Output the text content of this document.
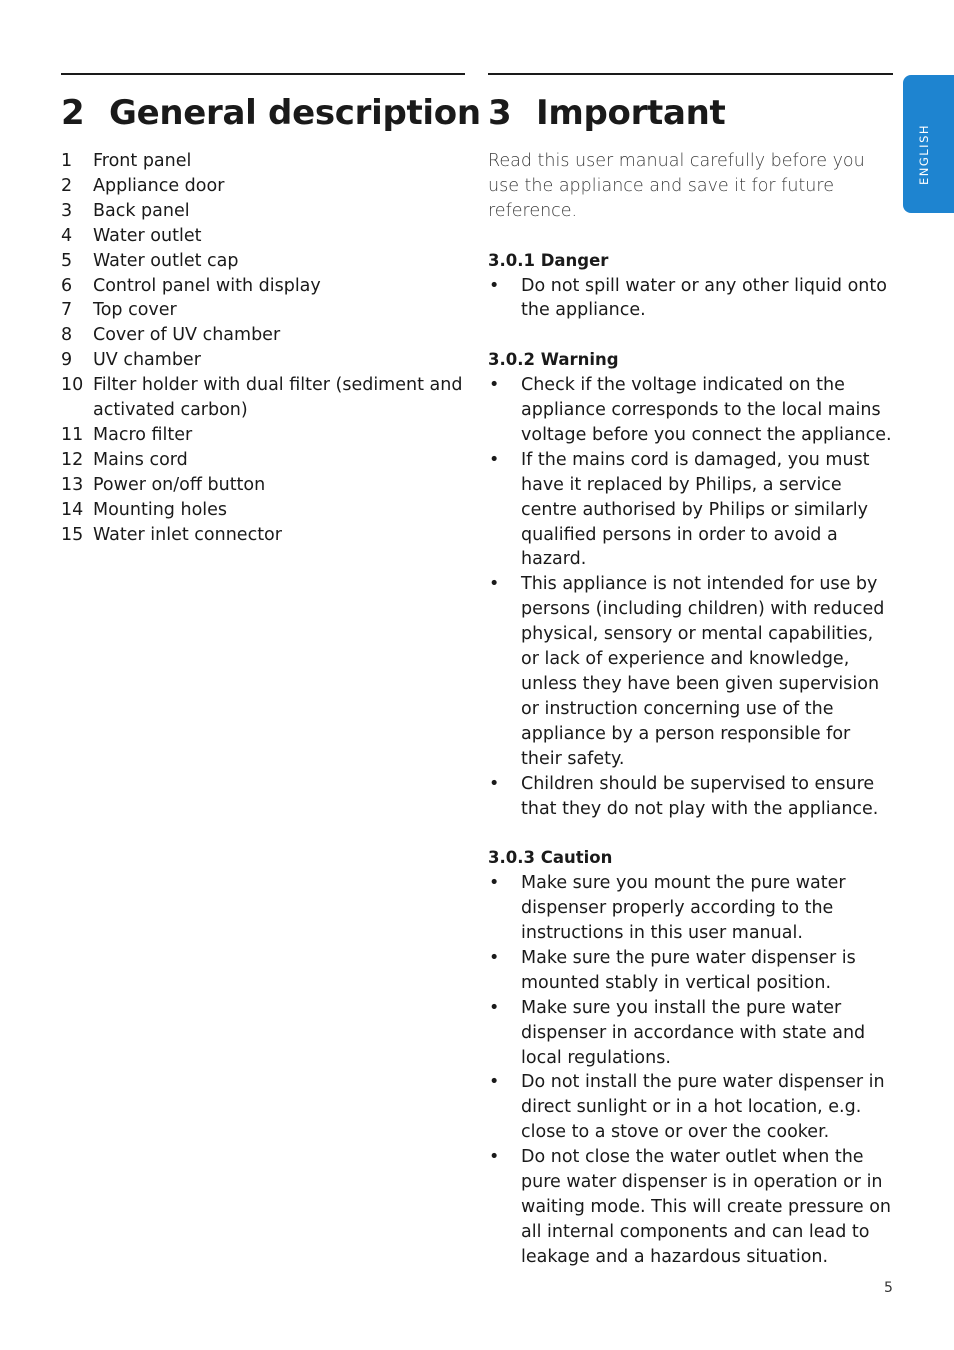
ENGLISH
2 General description
1	Front panel
2	Appliance door
3	Back panel
4	Water outlet
5	Water outlet cap
6	Control panel with display
7	Top cover
8	Cover of UV chamber
9	UV chamber
10 Filter holder with dual filter (sediment and activated carbon)
11 Macro filter
12 Mains cord
13 Power on/off button
14 Mounting holes
15 Water inlet connector
3 Important

Read this user manual carefully before you use the appliance and save it for future reference.

3.0.1 Danger
•	Do not spill water or any other liquid onto the appliance.
3.0.2 Warning
•	Check if the voltage indicated on the appliance corresponds to the local mains voltage before you connect the appliance.
•	If the mains cord is damaged, you must have it replaced by Philips, a service centre authorised by Philips or similarly qualified persons in order to avoid a hazard.
•	This appliance is not intended for use by persons (including children) with reduced physical, sensory or mental capabilities, or lack of experience and knowledge, unless they have been given supervision or instruction concerning use of the appliance by a person responsible for their safety.
•	Children should be supervised to ensure that they do not play with the appliance.
3.0.3 Caution
•	Make sure you mount the pure water dispenser properly according to the instructions in this user manual.
•	Make sure the pure water dispenser is mounted stably in vertical position.
•	Make sure you install the pure water dispenser in accordance with state and local regulations.
•	Do not install the pure water dispenser in direct sunlight or in a hot location, e.g. close to a stove or over the cooker.
•	Do not close the water outlet when the pure water dispenser is in operation or in waiting mode. This will create pressure on all internal components and can lead to leakage and a hazardous situation.
5
